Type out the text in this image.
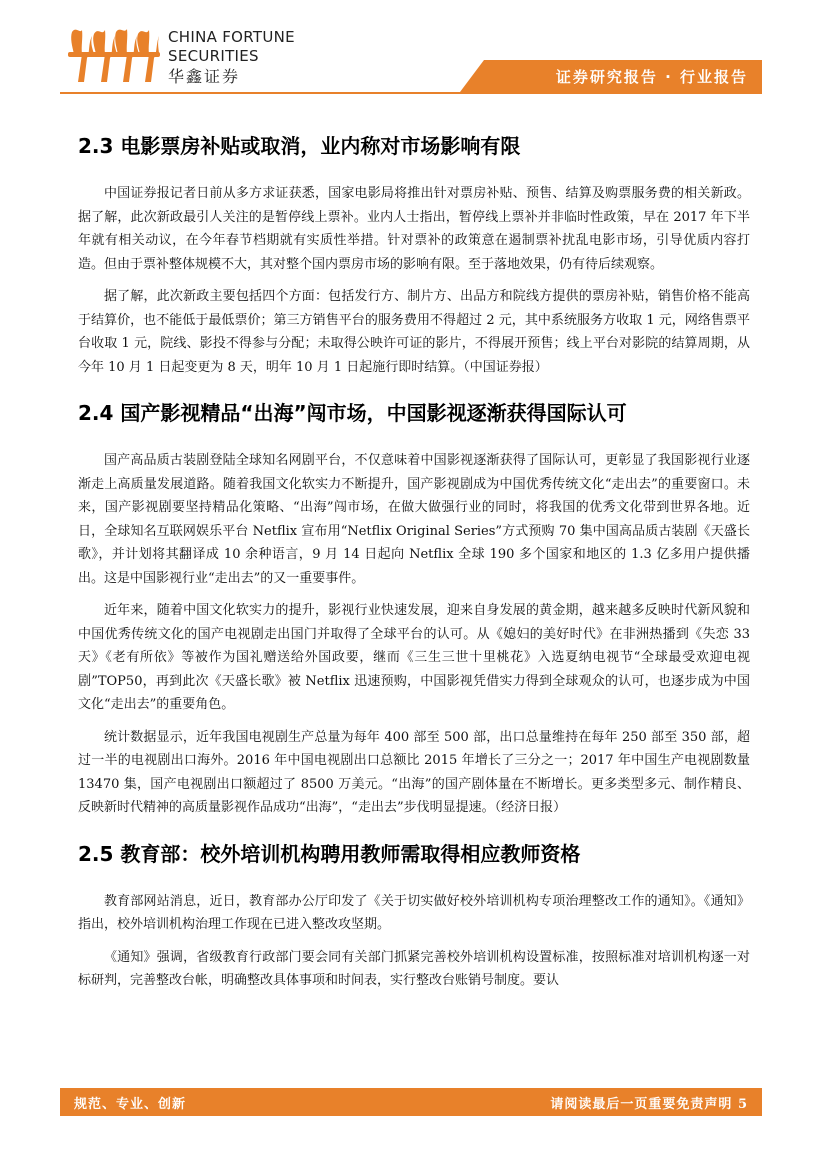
CHINA FORTUNE
SECURITIES
华鑫证券	证券研究报告 · 行业报告
2.3 电影票房补贴或取消，业内称对市场影响有限

中国证券报记者日前从多方求证获悉，国家电影局将推出针对票房补贴、预售、结算及购票服务费的相关新政。据了解，此次新政最引人关注的是暂停线上票补。业内人士指出，暂停线上票补并非临时性政策，早在 2017 年下半年就有相关动议，在今年春节档期就有实质性举措。针对票补的政策意在遏制票补扰乱电影市场，引导优质内容打造。但由于票补整体规模不大，其对整个国内票房市场的影响有限。至于落地效果，仍有待后续观察。

据了解，此次新政主要包括四个方面：包括发行方、制片方、出品方和院线方提供的票房补贴，销售价格不能高于结算价，也不能低于最低票价；第三方销售平台的服务费用不得超过 2 元，其中系统服务方收取 1 元，网络售票平台收取 1 元，院线、影投不得参与分配；未取得公映许可证的影片，不得展开预售；线上平台对影院的结算周期，从今年 10 月 1 日起变更为 8 天，明年 10 月 1 日起施行即时结算。（中国证券报）

2.4 国产影视精品“出海”闯市场，中国影视逐渐获得国际认可

国产高品质古装剧登陆全球知名网剧平台，不仅意味着中国影视逐渐获得了国际认可，更彰显了我国影视行业逐渐走上高质量发展道路。随着我国文化软实力不断提升，国产影视剧成为中国优秀传统文化“走出去”的重要窗口。未来，国产影视剧要坚持精品化策略、“出海”闯市场，在做大做强行业的同时，将我国的优秀文化带到世界各地。近日，全球知名互联网娱乐平台 Netflix 宣布用“Netflix Original Series”方式预购 70 集中国高品质古装剧《天盛长歌》，并计划将其翻译成 10 余种语言，9 月 14 日起向 Netflix 全球 190 多个国家和地区的 1.3 亿多用户提供播出。这是中国影视行业“走出去”的又一重要事件。

近年来，随着中国文化软实力的提升，影视行业快速发展，迎来自身发展的黄金期，越来越多反映时代新风貌和中国优秀传统文化的国产电视剧走出国门并取得了全球平台的认可。从《媳妇的美好时代》在非洲热播到《失恋 33 天》《老有所依》等被作为国礼赠送给外国政要，继而《三生三世十里桃花》入选夏纳电视节“全球最受欢迎电视剧”TOP50，再到此次《天盛长歌》被 Netflix 迅速预购，中国影视凭借实力得到全球观众的认可，也逐步成为中国文化“走出去”的重要角色。

统计数据显示，近年我国电视剧生产总量为每年 400 部至 500 部，出口总量维持在每年 250 部至 350 部，超过一半的电视剧出口海外。2016 年中国电视剧出口总额比 2015 年增长了三分之一；2017 年中国生产电视剧数量 13470 集，国产电视剧出口额超过了 8500 万美元。“出海”的国产剧体量在不断增长。更多类型多元、制作精良、反映新时代精神的高质量影视作品成功“出海”，“走出去”步伐明显提速。（经济日报）

2.5 教育部：校外培训机构聘用教师需取得相应教师资格

教育部网站消息，近日，教育部办公厅印发了《关于切实做好校外培训机构专项治理整改工作的通知》。《通知》指出，校外培训机构治理工作现在已进入整改攻坚期。

《通知》强调，省级教育行政部门要会同有关部门抓紧完善校外培训机构设置标准，按照标准对培训机构逐一对标研判，完善整改台帐，明确整改具体事项和时间表，实行整改台账销号制度。要认

规范、专业、创新	请阅读最后一页重要免责声明 5
